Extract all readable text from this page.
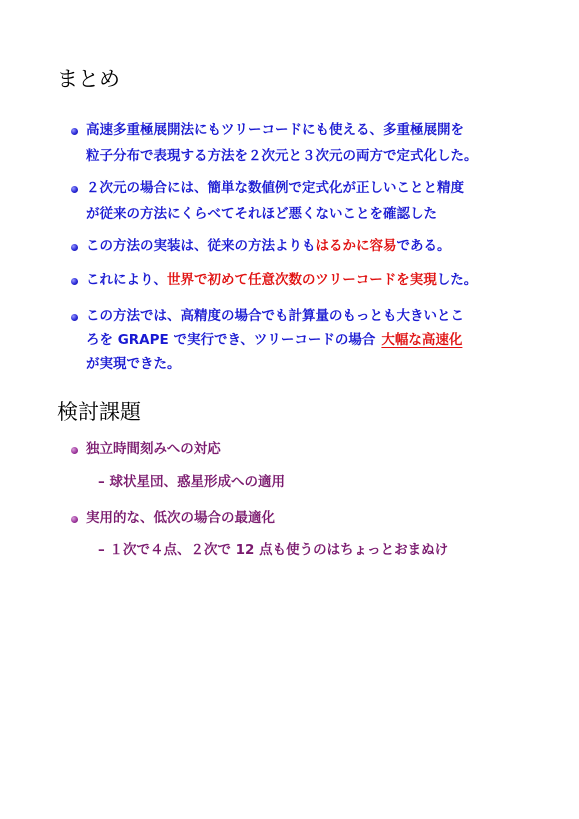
まとめ

高速多重極展開法にもツリーコードにも使える、多重極展開を

粒子分布で表現する方法を２次元と３次元の両方で定式化した。

２次元の場合には、簡単な数値例で定式化が正しいことと精度

が従来の方法にくらべてそれほど悪くないことを確認した

この方法の実装は、従来の方法よりもはるかに容易である。

これにより、世界で初めて任意次数のツリーコードを実現した。

この方法では、高精度の場合でも計算量のもっとも大きいとこ

ろを GRAPE で実行でき、ツリーコードの場合 大幅な高速化

が実現できた。

検討課題

独立時間刻みへの対応

– 球状星団、惑星形成への適用

実用的な、低次の場合の最適化

– １次で４点、２次で 12 点も使うのはちょっとおまぬけ
